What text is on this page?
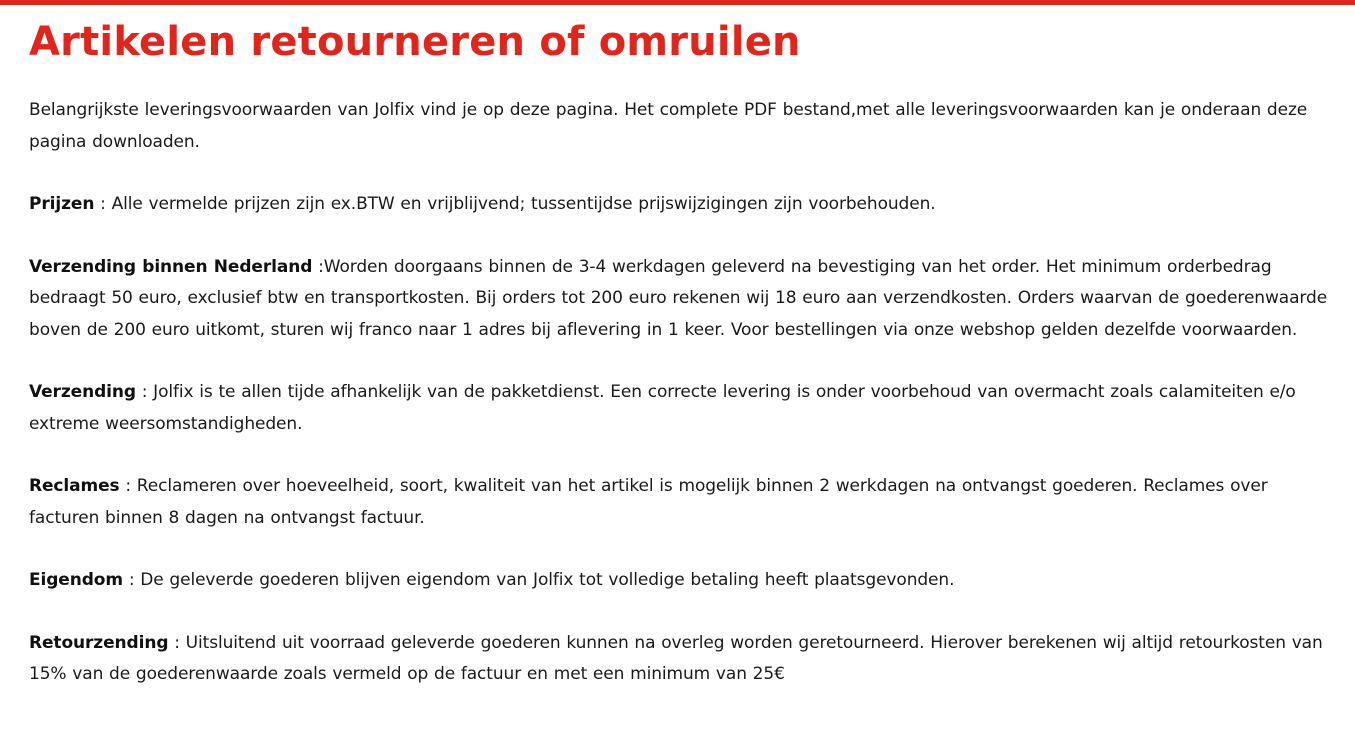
Artikelen retourneren of omruilen

Belangrijkste leveringsvoorwaarden van Jolfix vind je op deze pagina. Het complete PDF bestand,met alle leveringsvoorwaarden kan je onderaan deze pagina downloaden.

Prijzen : Alle vermelde prijzen zijn ex.BTW en vrijblijvend; tussentijdse prijswijzigingen zijn voorbehouden.

Verzending binnen Nederland :Worden doorgaans binnen de 3-4 werkdagen geleverd na bevestiging van het order. Het minimum orderbedrag bedraagt 50 euro, exclusief btw en transportkosten. Bij orders tot 200 euro rekenen wij 18 euro aan verzendkosten. Orders waarvan de goederenwaarde boven de 200 euro uitkomt, sturen wij franco naar 1 adres bij aflevering in 1 keer. Voor bestellingen via onze webshop gelden dezelfde voorwaarden.

Verzending : Jolfix is te allen tijde afhankelijk van de pakketdienst. Een correcte levering is onder voorbehoud van overmacht zoals calamiteiten e/o extreme weersomstandigheden.

Reclames : Reclameren over hoeveelheid, soort, kwaliteit van het artikel is mogelijk binnen 2 werkdagen na ontvangst goederen. Reclames over facturen binnen 8 dagen na ontvangst factuur.

Eigendom : De geleverde goederen blijven eigendom van Jolfix tot volledige betaling heeft plaatsgevonden.

Retourzending : Uitsluitend uit voorraad geleverde goederen kunnen na overleg worden geretourneerd. Hierover berekenen wij altijd retourkosten van 15% van de goederenwaarde zoals vermeld op de factuur en met een minimum van 25€
